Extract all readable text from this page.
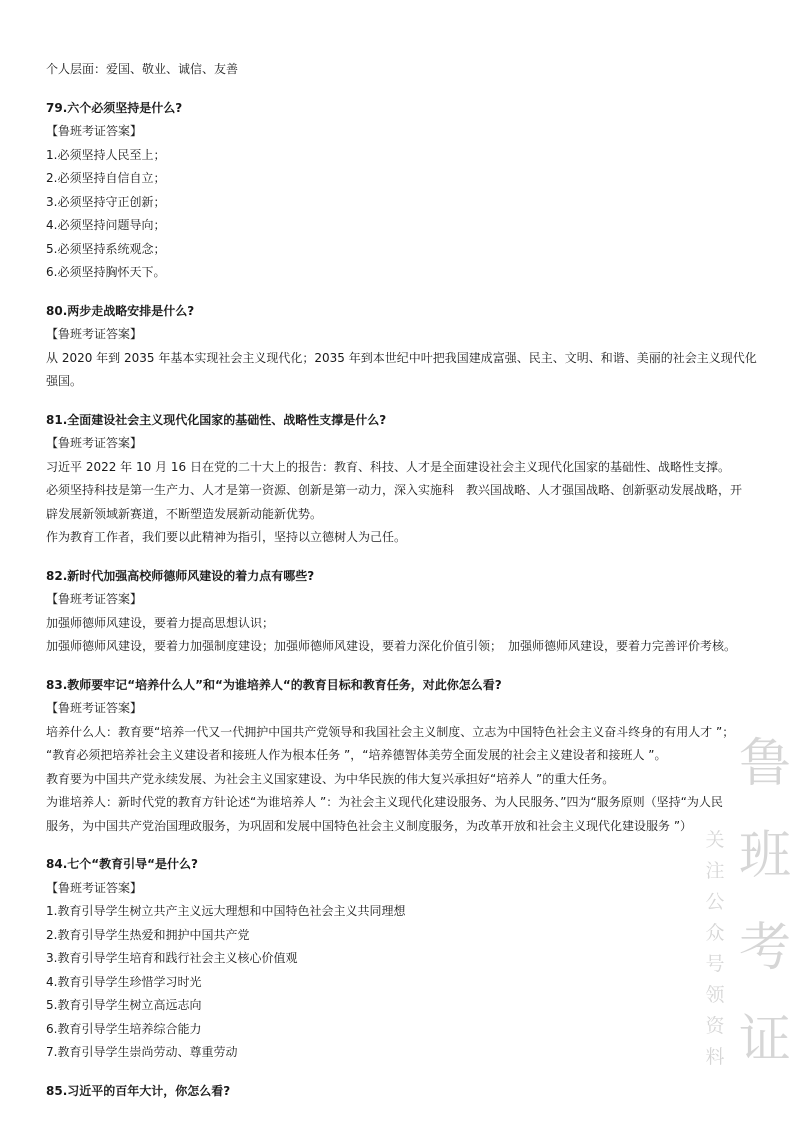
个人层面：爱国、敬业、诚信、友善
79.六个必须坚持是什么?
【鲁班考证答案】
1.必须坚持人民至上；
2.必须坚持自信自立；
3.必须坚持守正创新；
4.必须坚持问题导向；
5.必须坚持系统观念；
6.必须坚持胸怀天下。
80.两步走战略安排是什么?
【鲁班考证答案】
从 2020 年到 2035 年基本实现社会主义现代化；2035 年到本世纪中叶把我国建成富强、民主、文明、和谐、美丽的社会主义现代化
强国。
81.全面建设社会主义现代化国家的基础性、战略性支撑是什么?
【鲁班考证答案】
习近平 2022 年 10 月 16 日在党的二十大上的报告：教育、科技、人才是全面建设社会主义现代化国家的基础性、战略性支撑。
必须坚持科技是第一生产力、人才是第一资源、创新是第一动力，深入实施科　教兴国战略、人才强国战略、创新驱动发展战略，开
辟发展新领域新赛道，不断塑造发展新动能新优势。
作为教育工作者，我们要以此精神为指引，坚持以立德树人为己任。
82.新时代加强高校师德师风建设的着力点有哪些?
【鲁班考证答案】
加强师德师风建设，要着力提高思想认识；
加强师德师风建设，要着力加强制度建设；加强师德师风建设，要着力深化价值引领；　加强师德师风建设，要着力完善评价考核。
83.教师要牢记“培养什么人”和“为谁培养人“的教育目标和教育任务，对此你怎么看?
【鲁班考证答案】
培养什么人：教育要“培养一代又一代拥护中国共产党领导和我国社会主义制度、立志为中国特色社会主义奋斗终身的有用人才 ”；
“教育必须把培养社会主义建设者和接班人作为根本任务 ”，“培养德智体美劳全面发展的社会主义建设者和接班人 ”。
教育要为中国共产党永续发展、为社会主义国家建设、为中华民族的伟大复兴承担好“培养人 ”的重大任务。
为谁培养人：新时代党的教育方针论述“为谁培养人 ”：为社会主义现代化建设服务、为人民服务、”四为“服务原则（坚持“为人民
服务，为中国共产党治国理政服务，为巩固和发展中国特色社会主义制度服务，为改革开放和社会主义现代化建设服务 ”）
84.七个“教育引导“是什么?
【鲁班考证答案】
1.教育引导学生树立共产主义远大理想和中国特色社会主义共同理想
2.教育引导学生热爱和拥护中国共产党
3.教育引导学生培育和践行社会主义核心价值观
4.教育引导学生珍惜学习时光
5.教育引导学生树立高远志向
6.教育引导学生培养综合能力
7.教育引导学生崇尚劳动、尊重劳动
85.习近平的百年大计，你怎么看?
鲁
班
考
证
关
注
公
众
号
领
资
料
